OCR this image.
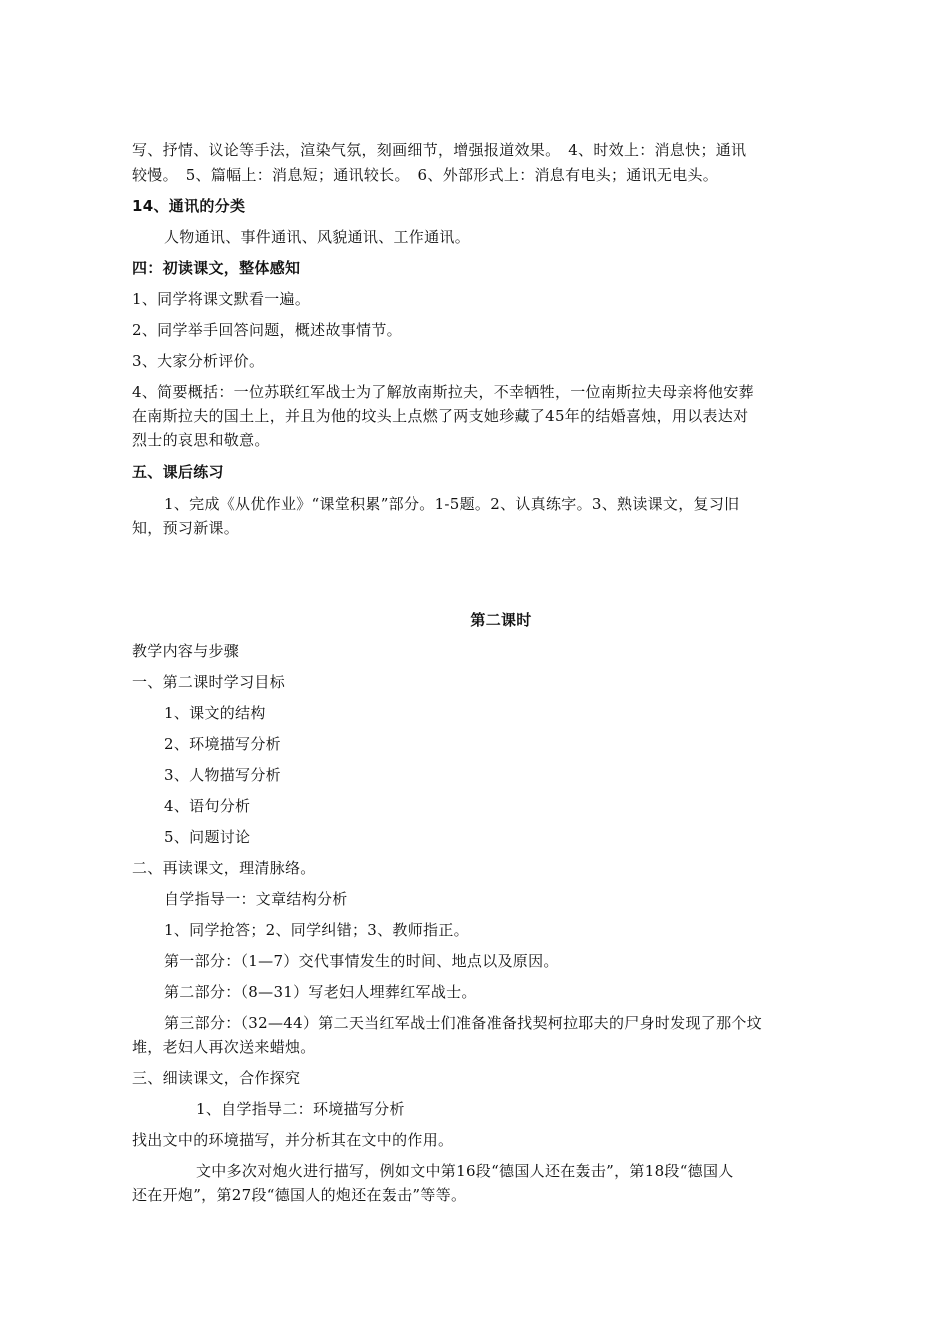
写、抒情、议论等手法，渲染气氛，刻画细节，增强报道效果。　4、时效上：消息快；通讯
较慢。　5、篇幅上：消息短；通讯较长。　6、外部形式上：消息有电头；通讯无电头。
14、通讯的分类
人物通讯、事件通讯、风貌通讯、工作通讯。
四：初读课文，整体感知
1、同学将课文默看一遍。
2、同学举手回答问题，概述故事情节。
3、大家分析评价。
4、简要概括：一位苏联红军战士为了解放南斯拉夫，不幸牺牲，一位南斯拉夫母亲将他安葬
在南斯拉夫的国土上，并且为他的坟头上点燃了两支她珍藏了45年的结婚喜烛，用以表达对
烈士的哀思和敬意。
五、课后练习
1、完成《从优作业》“课堂积累”部分。1-5题。2、认真练字。3、熟读课文，复习旧
知，预习新课。
第二课时
教学内容与步骤
一、第二课时学习目标
1、课文的结构
2、环境描写分析
3、人物描写分析
4、语句分析
5、问题讨论
二、再读课文，理清脉络。
自学指导一：文章结构分析
1、同学抢答；2、同学纠错；3、教师指正。
第一部分：（1—7）交代事情发生的时间、地点以及原因。
第二部分：（8—31）写老妇人埋葬红军战士。
第三部分：（32—44）第二天当红军战士们准备准备找契柯拉耶夫的尸身时发现了那个坟
堆，老妇人再次送来蜡烛。
三、细读课文，合作探究
1、自学指导二：环境描写分析
找出文中的环境描写，并分析其在文中的作用。
文中多次对炮火进行描写，例如文中第16段“德国人还在轰击”，第18段“德国人
还在开炮”，第27段“德国人的炮还在轰击”等等。
